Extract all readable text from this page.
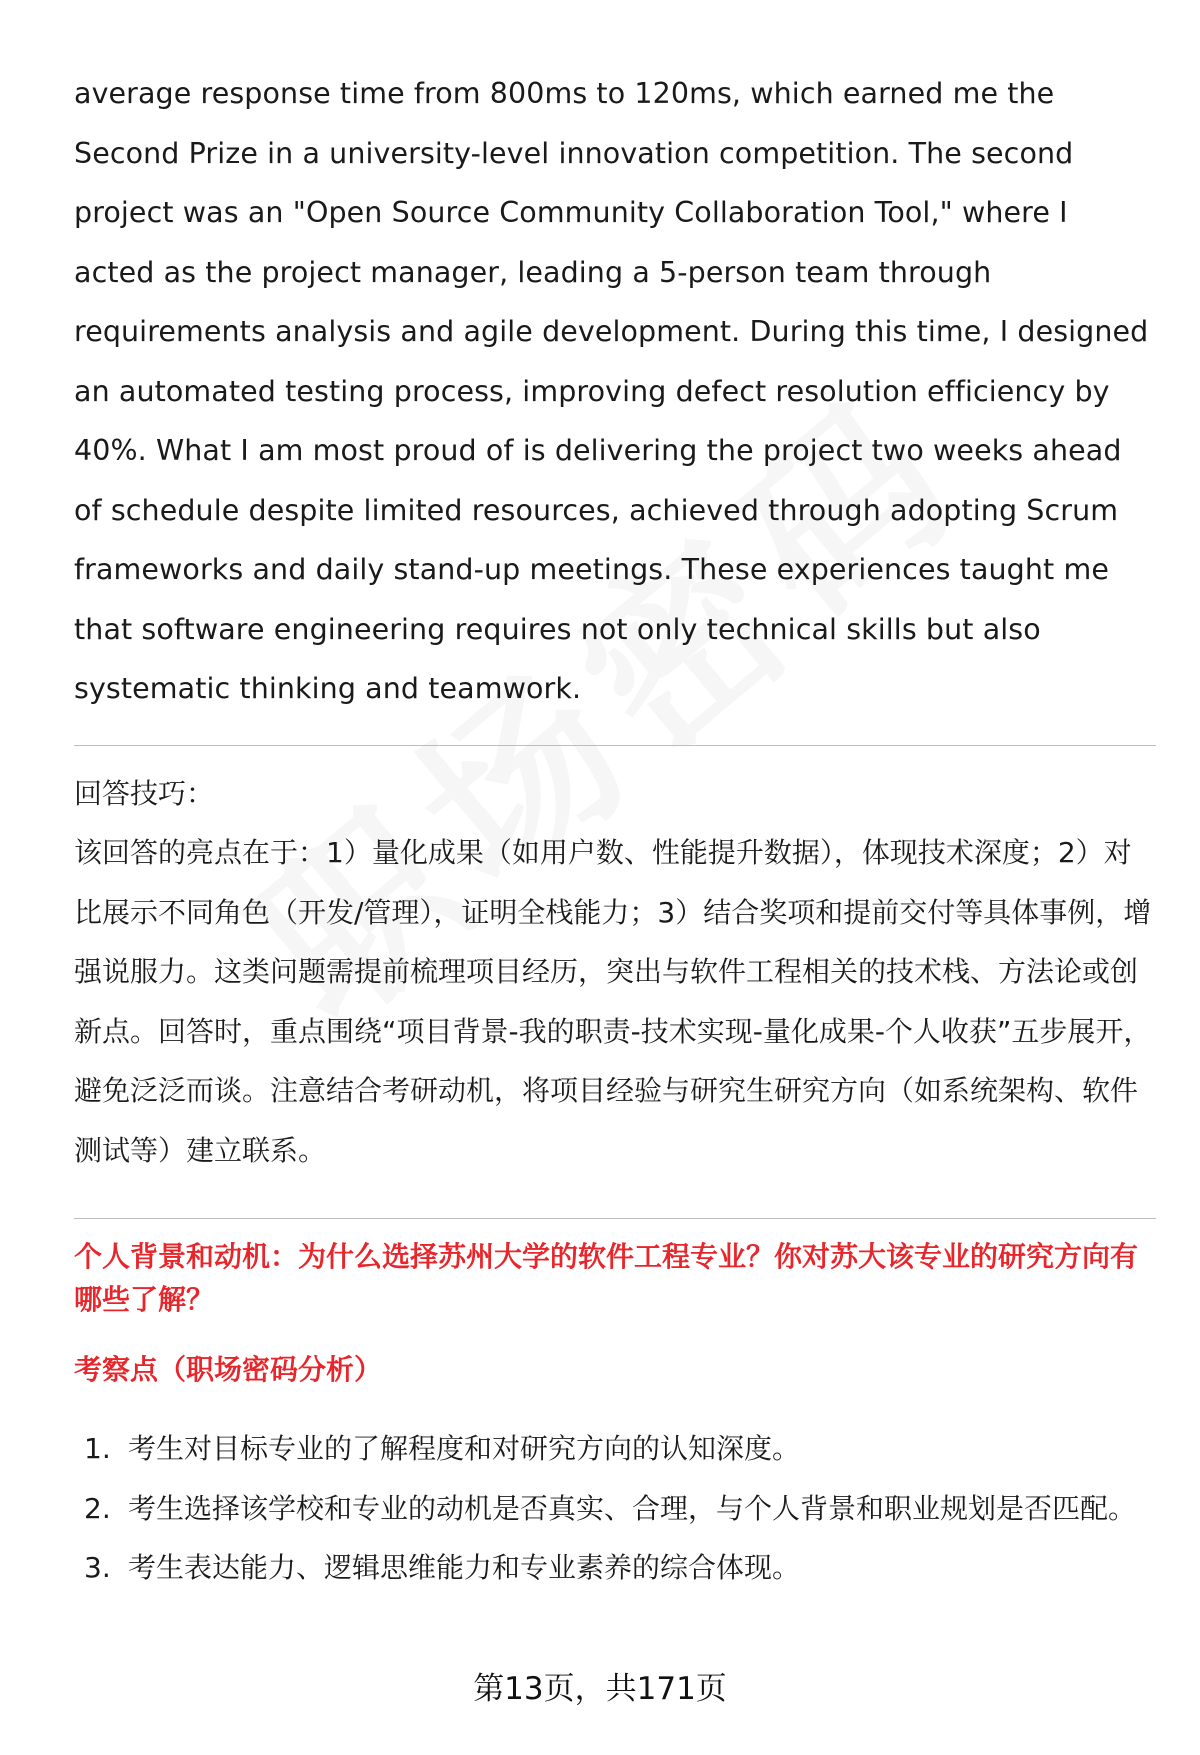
average response time from 800ms to 120ms, which earned me the Second Prize in a university-level innovation competition. The second project was an "Open Source Community Collaboration Tool," where I acted as the project manager, leading a 5-person team through requirements analysis and agile development. During this time, I designed an automated testing process, improving defect resolution efficiency by 40%. What I am most proud of is delivering the project two weeks ahead of schedule despite limited resources, achieved through adopting Scrum frameworks and daily stand-up meetings. These experiences taught me that software engineering requires not only technical skills but also systematic thinking and teamwork.

回答技巧：

该回答的亮点在于：1）量化成果（如用户数、性能提升数据），体现技术深度；2）对比展示不同角色（开发/管理），证明全栈能力；3）结合奖项和提前交付等具体事例，增强说服力。这类问题需提前梳理项目经历，突出与软件工程相关的技术栈、方法论或创新点。回答时，重点围绕“项目背景-我的职责-技术实现-量化成果-个人收获”五步展开，避免泛泛而谈。注意结合考研动机，将项目经验与研究生研究方向（如系统架构、软件测试等）建立联系。

个人背景和动机：为什么选择苏州大学的软件工程专业？你对苏大该专业的研究方向有哪些了解？

考察点（职场密码分析）

1. 考生对目标专业的了解程度和对研究方向的认知深度。
2. 考生选择该学校和专业的动机是否真实、合理，与个人背景和职业规划是否匹配。
3. 考生表达能力、逻辑思维能力和专业素养的综合体现。
第13页，共171页
